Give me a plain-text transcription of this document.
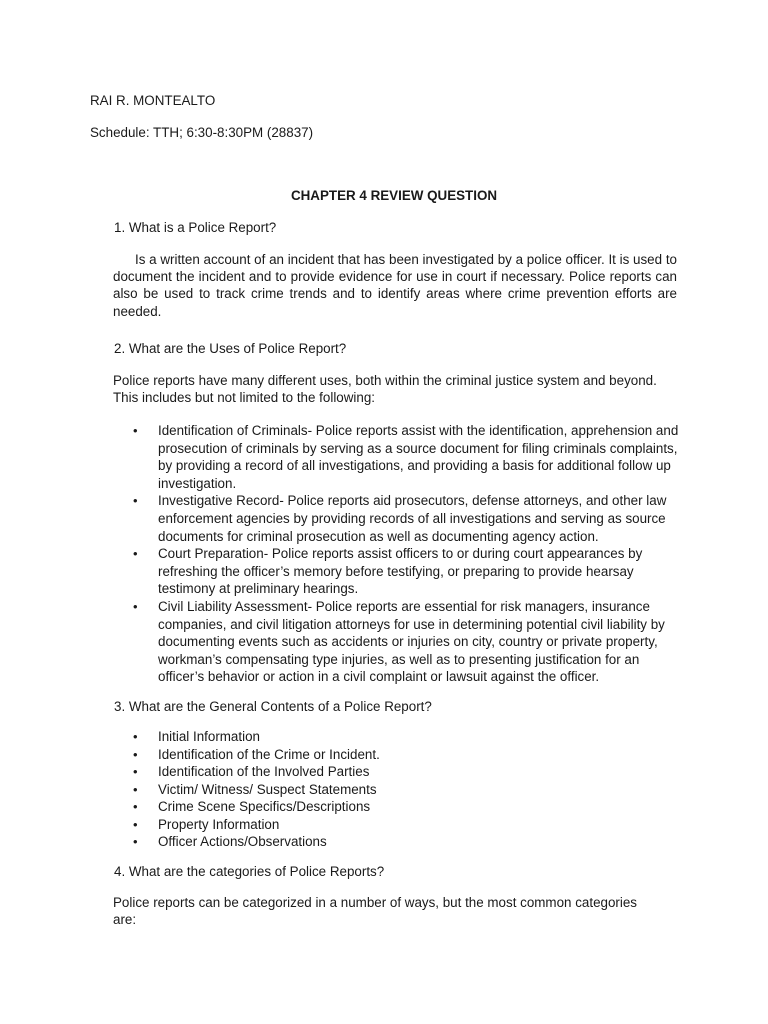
RAI R. MONTEALTO
Schedule: TTH; 6:30-8:30PM (28837)
CHAPTER 4 REVIEW QUESTION
1. What is a Police Report?
Is a written account of an incident that has been investigated by a police officer. It is used to document the incident and to provide evidence for use in court if necessary. Police reports can also be used to track crime trends and to identify areas where crime prevention efforts are needed.
2. What are the Uses of Police Report?
Police reports have many different uses, both within the criminal justice system and beyond. This includes but not limited to the following:
• Identification of Criminals- Police reports assist with the identification, apprehension and prosecution of criminals by serving as a source document for filing criminals complaints, by providing a record of all investigations, and providing a basis for additional follow up investigation.
• Investigative Record- Police reports aid prosecutors, defense attorneys, and other law enforcement agencies by providing records of all investigations and serving as source documents for criminal prosecution as well as documenting agency action.
• Court Preparation- Police reports assist officers to or during court appearances by refreshing the officer’s memory before testifying, or preparing to provide hearsay testimony at preliminary hearings.
• Civil Liability Assessment- Police reports are essential for risk managers, insurance companies, and civil litigation attorneys for use in determining potential civil liability by documenting events such as accidents or injuries on city, country or private property, workman’s compensating type injuries, as well as to presenting justification for an officer’s behavior or action in a civil complaint or lawsuit against the officer.
3. What are the General Contents of a Police Report?
• Initial Information
• Identification of the Crime or Incident.
• Identification of the Involved Parties
• Victim/ Witness/ Suspect Statements
• Crime Scene Specifics/Descriptions
• Property Information
• Officer Actions/Observations
4. What are the categories of Police Reports?
Police reports can be categorized in a number of ways, but the most common categories are:
